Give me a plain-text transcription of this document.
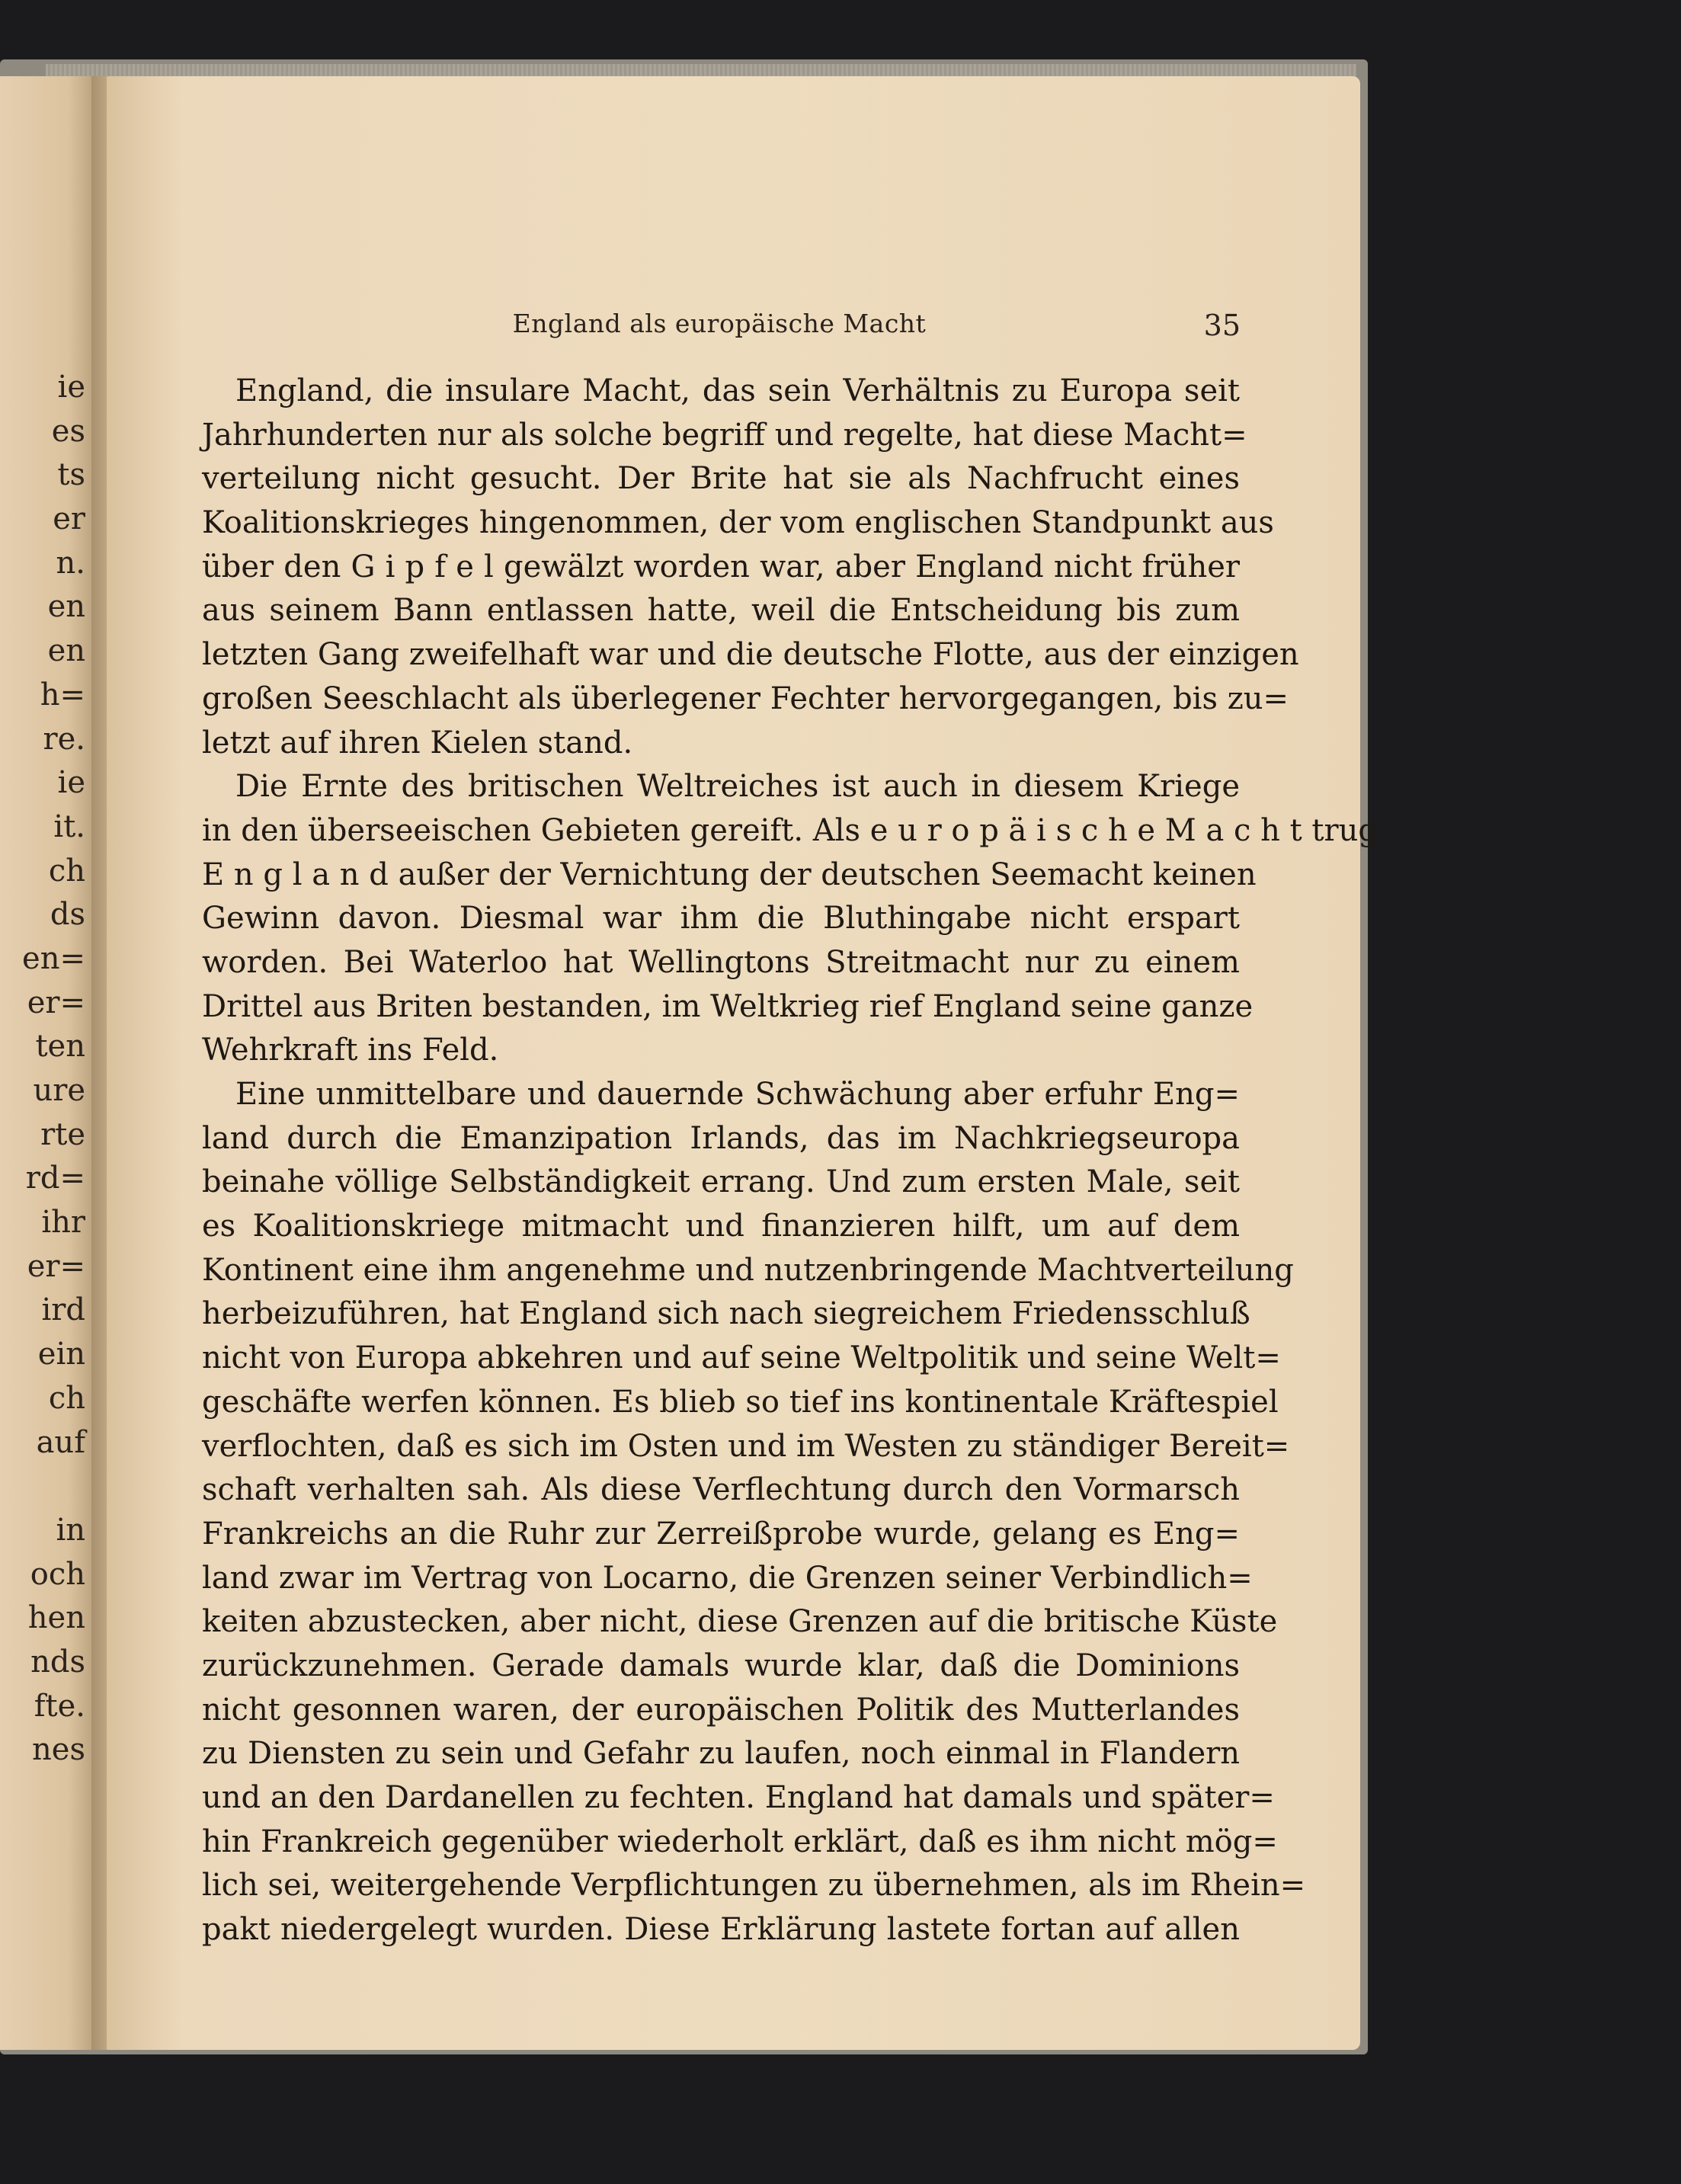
ie
es
ts
er
n.
en
en
h=
re.
ie
it.
ch
ds
en=
er=
ten
ure
rte
rd=
ihr
er=
ird
ein
ch
auf
in
och
hen
nds
fte.
nes
England als europäische Macht	35
England, die insulare Macht, das sein Verhältnis zu Europa seit
Jahrhunderten nur als solche begriff und regelte, hat diese Macht=
verteilung nicht gesucht. Der Brite hat sie als Nachfrucht eines
Koalitionskrieges hingenommen, der vom englischen Standpunkt aus
über den G i p f e l gewälzt worden war, aber England nicht früher
aus seinem Bann entlassen hatte, weil die Entscheidung bis zum
letzten Gang zweifelhaft war und die deutsche Flotte, aus der einzigen
großen Seeschlacht als überlegener Fechter hervorgegangen, bis zu=
letzt auf ihren Kielen stand.
Die Ernte des britischen Weltreiches ist auch in diesem Kriege
in den überseeischen Gebieten gereift. Als e u r o p ä i s c h e M a c h t trug
E n g l a n d außer der Vernichtung der deutschen Seemacht keinen
Gewinn davon. Diesmal war ihm die Bluthingabe nicht erspart
worden. Bei Waterloo hat Wellingtons Streitmacht nur zu einem
Drittel aus Briten bestanden, im Weltkrieg rief England seine ganze
Wehrkraft ins Feld.
Eine unmittelbare und dauernde Schwächung aber erfuhr Eng=
land durch die Emanzipation Irlands, das im Nachkriegseuropa
beinahe völlige Selbständigkeit errang. Und zum ersten Male, seit
es Koalitionskriege mitmacht und finanzieren hilft, um auf dem
Kontinent eine ihm angenehme und nutzenbringende Machtverteilung
herbeizuführen, hat England sich nach siegreichem Friedensschluß
nicht von Europa abkehren und auf seine Weltpolitik und seine Welt=
geschäfte werfen können. Es blieb so tief ins kontinentale Kräftespiel
verflochten, daß es sich im Osten und im Westen zu ständiger Bereit=
schaft verhalten sah. Als diese Verflechtung durch den Vormarsch
Frankreichs an die Ruhr zur Zerreißprobe wurde, gelang es Eng=
land zwar im Vertrag von Locarno, die Grenzen seiner Verbindlich=
keiten abzustecken, aber nicht, diese Grenzen auf die britische Küste
zurückzunehmen. Gerade damals wurde klar, daß die Dominions
nicht gesonnen waren, der europäischen Politik des Mutterlandes
zu Diensten zu sein und Gefahr zu laufen, noch einmal in Flandern
und an den Dardanellen zu fechten. England hat damals und später=
hin Frankreich gegenüber wiederholt erklärt, daß es ihm nicht mög=
lich sei, weitergehende Verpflichtungen zu übernehmen, als im Rhein=
pakt niedergelegt wurden. Diese Erklärung lastete fortan auf allen
